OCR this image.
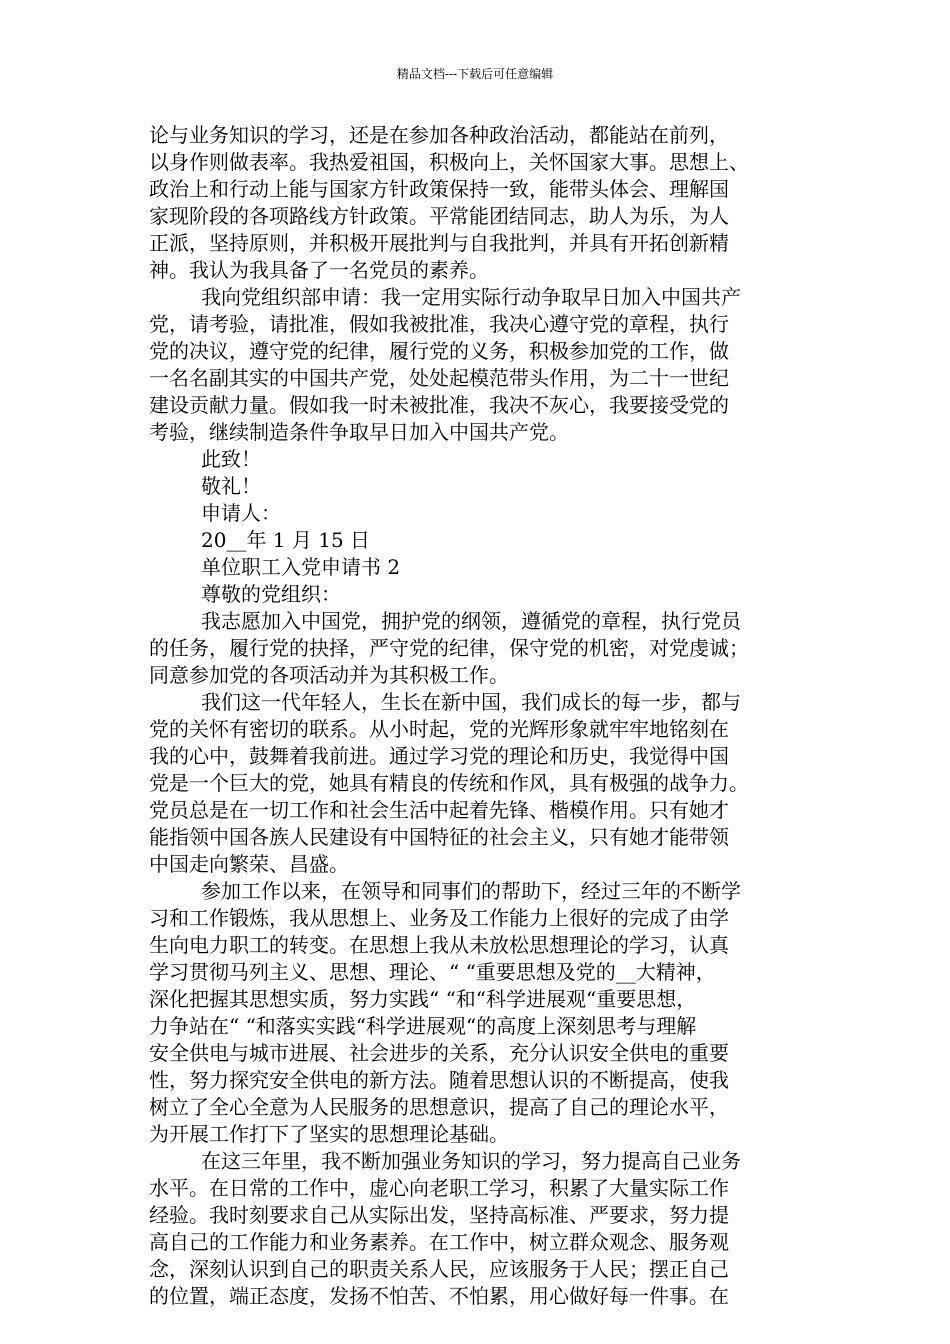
精品文档---下载后可任意编辑
论与业务知识的学习，还是在参加各种政治活动，都能站在前列，
以身作则做表率。我热爱祖国，积极向上，关怀国家大事。思想上、
政治上和行动上能与国家方针政策保持一致，能带头体会、理解国
家现阶段的各项路线方针政策。平常能团结同志，助人为乐，为人
正派，坚持原则，并积极开展批判与自我批判，并具有开拓创新精
神。我认为我具备了一名党员的素养。
我向党组织部申请：我一定用实际行动争取早日加入中国共产
党，请考验，请批准，假如我被批准，我决心遵守党的章程，执行
党的决议，遵守党的纪律，履行党的义务，积极参加党的工作，做
一名名副其实的中国共产党，处处起模范带头作用，为二十一世纪
建设贡献力量。假如我一时未被批准，我决不灰心，我要接受党的
考验，继续制造条件争取早日加入中国共产党。
此致！
敬礼！
申请人：
20__年 1 月 15 日
单位职工入党申请书 2
尊敬的党组织：
我志愿加入中国党，拥护党的纲领，遵循党的章程，执行党员
的任务，履行党的抉择，严守党的纪律，保守党的机密，对党虔诚；
同意参加党的各项活动并为其积极工作。
我们这一代年轻人，生长在新中国，我们成长的每一步，都与
党的关怀有密切的联系。从小时起，党的光辉形象就牢牢地铭刻在
我的心中，鼓舞着我前进。通过学习党的理论和历史，我觉得中国
党是一个巨大的党，她具有精良的传统和作风，具有极强的战争力。
党员总是在一切工作和社会生活中起着先锋、楷模作用。只有她才
能指领中国各族人民建设有中国特征的社会主义，只有她才能带领
中国走向繁荣、昌盛。
参加工作以来，在领导和同事们的帮助下，经过三年的不断学
习和工作锻炼，我从思想上、业务及工作能力上很好的完成了由学
生向电力职工的转变。在思想上我从未放松思想理论的学习，认真
学习贯彻马列主义、思想、理论、“ “重要思想及党的__大精神，
深化把握其思想实质，努力实践“ “和“科学进展观“重要思想，
力争站在“ “和落实实践“科学进展观“的高度上深刻思考与理解
安全供电与城市进展、社会进步的关系，充分认识安全供电的重要
性，努力探究安全供电的新方法。随着思想认识的不断提高，使我
树立了全心全意为人民服务的思想意识，提高了自己的理论水平，
为开展工作打下了坚实的思想理论基础。
在这三年里，我不断加强业务知识的学习，努力提高自己业务
水平。在日常的工作中，虚心向老职工学习，积累了大量实际工作
经验。我时刻要求自己从实际出发，坚持高标准、严要求，努力提
高自己的工作能力和业务素养。在工作中，树立群众观念、服务观
念，深刻认识到自己的职责关系人民，应该服务于人民；摆正自己
的位置，端正态度，发扬不怕苦、不怕累，用心做好每一件事。在
